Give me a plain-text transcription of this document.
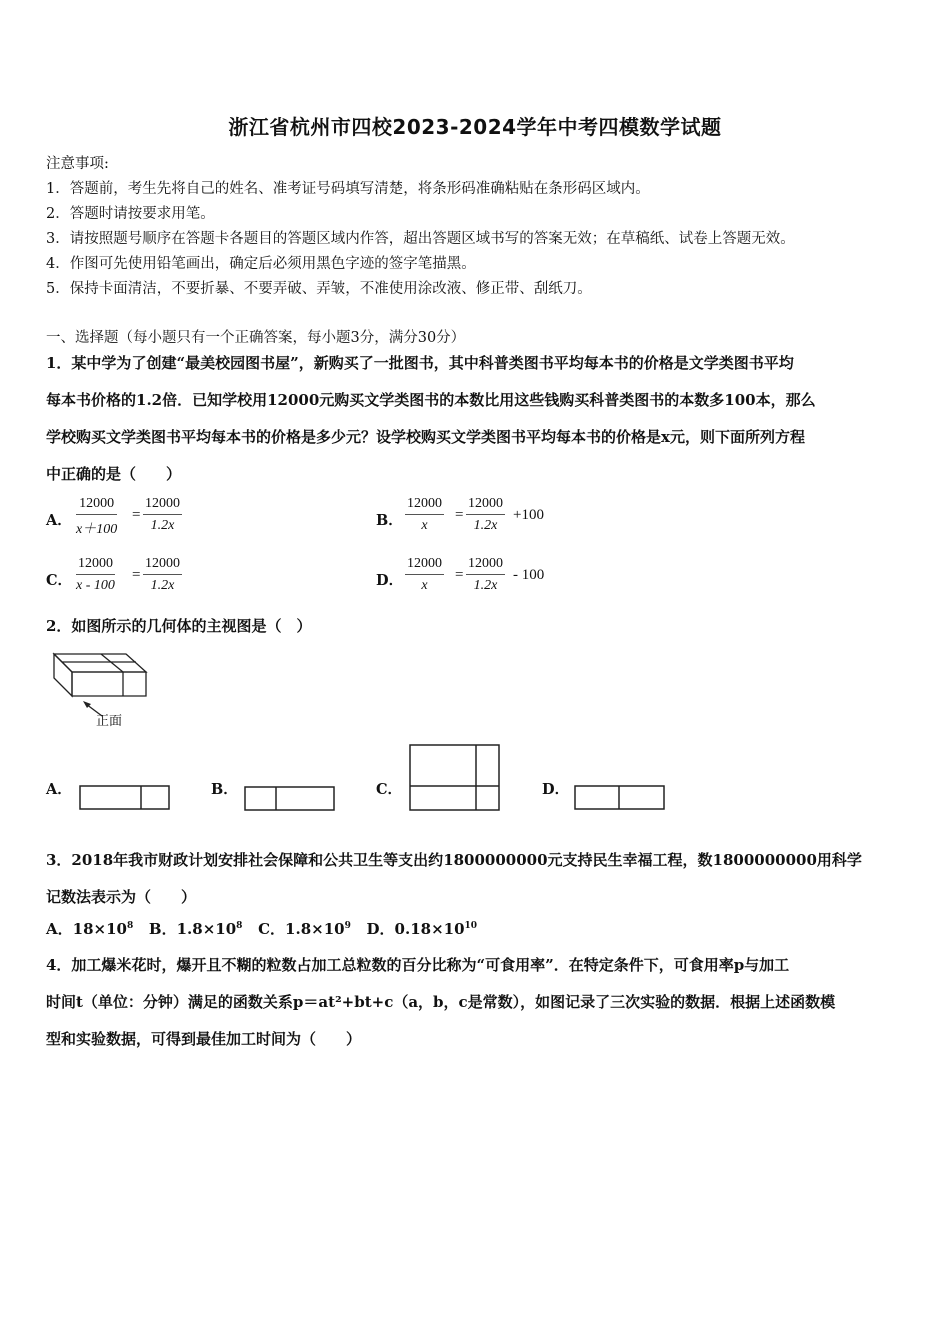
浙江省杭州市四校2023-2024学年中考四模数学试题
注意事项:
1．答题前，考生先将自己的姓名、准考证号码填写清楚，将条形码准确粘贴在条形码区域内。
2．答题时请按要求用笔。
3．请按照题号顺序在答题卡各题目的答题区域内作答，超出答题区域书写的答案无效；在草稿纸、试卷上答题无效。
4．作图可先使用铅笔画出，确定后必须用黑色字迹的签字笔描黑。
5．保持卡面清洁，不要折暴、不要弄破、弄皱，不准使用涂改液、修正带、刮纸刀。
一、选择题（每小题只有一个正确答案，每小题3分，满分30分）
1．某中学为了创建“最美校园图书屋”，新购买了一批图书，其中科普类图书平均每本书的价格是文学类图书平均
每本书价格的1.2倍．已知学校用12000元购买文学类图书的本数比用这些钱购买科普类图书的本数多100本，那么
学校购买文学类图书平均每本书的价格是多少元？设学校购买文学类图书平均每本书的价格是x元，则下面所列方程
中正确的是（　　）
A． $\frac{12000}{x+100} = \frac{12000}{1.2x}$	B． $\frac{12000}{x} = \frac{12000}{1.2x} +100$
C． $\frac{12000}{x - 100} = \frac{12000}{1.2x}$	D． $\frac{12000}{x} = \frac{12000}{1.2x} - 100$
2．如图所示的几何体的主视图是（　）
正面
A．	B．	C．	D．
3．2018年我市财政计划安排社会保障和公共卫生等支出约1800000000元支持民生幸福工程，数1800000000用科学
记数法表示为（　　）
A．$18\times 10^8$ B．$1.8\times 10^8$ C．$1.8\times 10^9$ D．$0.18\times 10^{10}$
4．加工爆米花时，爆开且不糊的粒数占加工总粒数的百分比称为“可食用率”．在特定条件下，可食用率p与加工
时间t（单位：分钟）满足的函数关系p＝at²+bt+c（a，b，c是常数），如图记录了三次实验的数据．根据上述函数模
型和实验数据，可得到最佳加工时间为（　　）
